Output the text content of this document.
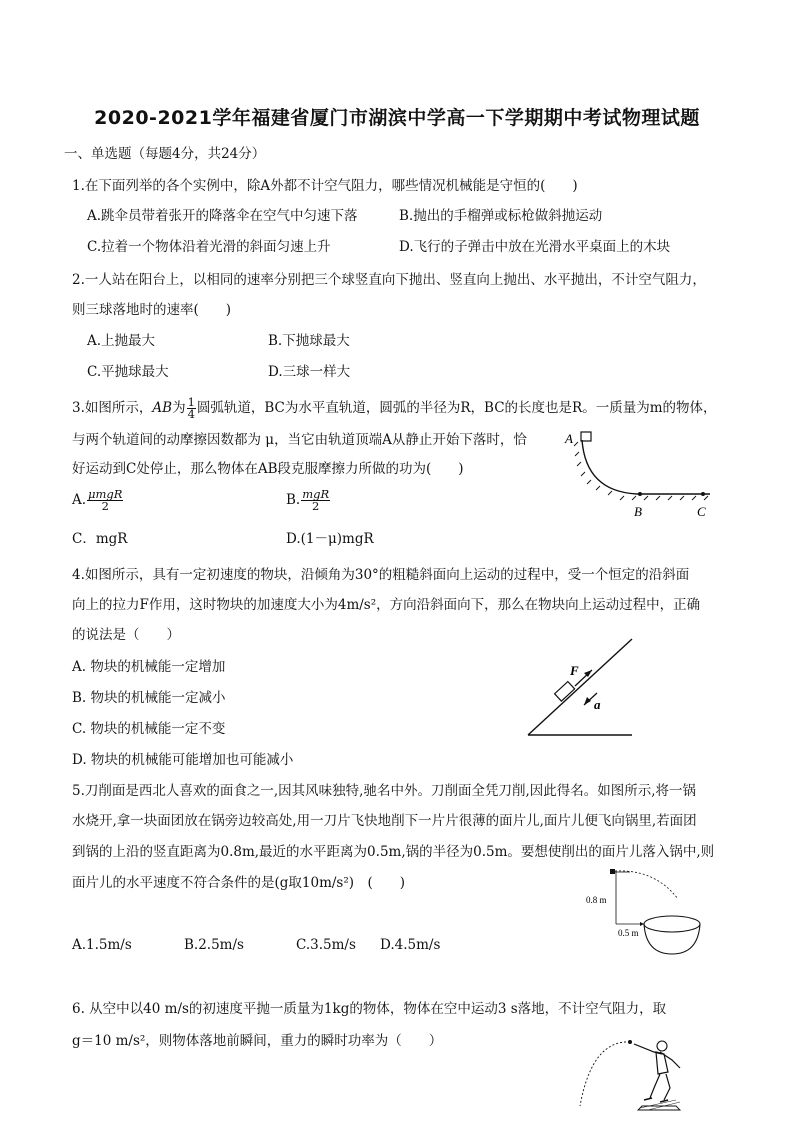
2020-2021学年福建省厦门市湖滨中学高一下学期期中考试物理试题
一、单选题（每题4分，共24分）
1.在下面列举的各个实例中，除A外都不计空气阻力，哪些情况机械能是守恒的(　　)
A.跳伞员带着张开的降落伞在空气中匀速下落	B.抛出的手榴弹或标枪做斜抛运动
C.拉着一个物体沿着光滑的斜面匀速上升	D.飞行的子弹击中放在光滑水平桌面上的木块
2.一人站在阳台上，以相同的速率分别把三个球竖直向下抛出、竖直向上抛出、水平抛出，不计空气阻力，
则三球落地时的速率(　　)
A.上抛最大	B.下抛球最大
C.平抛球最大	D.三球一样大
3.如图所示，AB为 $\frac{1}{4}$ 圆弧轨道，BC为水平直轨道，圆弧的半径为R，BC的长度也是R。一质量为m的物体，
与两个轨道间的动摩擦因数都为 μ，当它由轨道顶端A从静止开始下落时，恰
好运动到C处停止，那么物体在AB段克服摩擦力所做的功为(　　)
A. $\frac{\text{μmgR}}{2}$	B. $\frac{\text{mgR}}{2}$
C．mgR	D.(1－μ)mgR
A
B	C
4.如图所示，具有一定初速度的物块，沿倾角为30°的粗糙斜面向上运动的过程中，受一个恒定的沿斜面
向上的拉力F作用，这时物块的加速度大小为4m/s²，方向沿斜面向下，那么在物块向上运动过程中，正确
的说法是（　　）
A. 物块的机械能一定增加
B. 物块的机械能一定减小
C. 物块的机械能一定不变
D. 物块的机械能可能增加也可能减小
F
a
5.刀削面是西北人喜欢的面食之一,因其风味独特,驰名中外。刀削面全凭刀削,因此得名。如图所示,将一锅
水烧开,拿一块面团放在锅旁边较高处,用一刀片飞快地削下一片片很薄的面片儿,面片儿便飞向锅里,若面团
到锅的上沿的竖直距离为0.8m,最近的水平距离为0.5m,锅的半径为0.5m。要想使削出的面片儿落入锅中,则
面片儿的水平速度不符合条件的是(g取10m/s²)　(　　)
A.1.5m/s	B.2.5m/s	C.3.5m/s D.4.5m/s
0.8 m
0.5 m
6. 从空中以40 m/s的初速度平抛一质量为1kg的物体，物体在空中运动3 s落地，不计空气阻力，取
g＝10 m/s²，则物体落地前瞬间，重力的瞬时功率为（　　）
